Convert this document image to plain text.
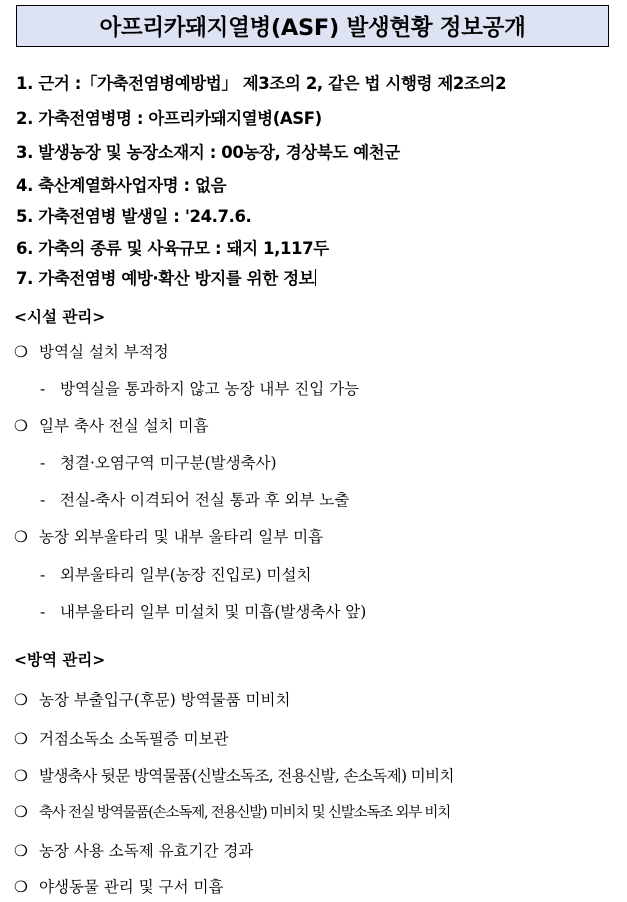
아프리카돼지열병(ASF) 발생현황 정보공개
1. 근거 :「가축전염병예방법」 제3조의 2, 같은 법 시행령 제2조의2
2. 가축전염병명 : 아프리카돼지열병(ASF)
3. 발생농장 및 농장소재지 : 00농장, 경상북도 예천군
4. 축산계열화사업자명 : 없음
5. 가축전염병 발생일 : '24.7.6.
6. 가축의 종류 및 사육규모 : 돼지 1,117두
7. 가축전염병 예방·확산 방지를 위한 정보
<시설 관리>
❍ 방역실 설치 부적정
- 방역실을 통과하지 않고 농장 내부 진입 가능
❍ 일부 축사 전실 설치 미흡
- 청결·오염구역 미구분(발생축사)
- 전실-축사 이격되어 전실 통과 후 외부 노출
❍ 농장 외부울타리 및 내부 울타리 일부 미흡
- 외부울타리 일부(농장 진입로) 미설치
- 내부울타리 일부 미설치 및 미흡(발생축사 앞)
<방역 관리>
❍ 농장 부출입구(후문) 방역물품 미비치
❍ 거점소독소 소독필증 미보관
❍ 발생축사 뒷문 방역물품(신발소독조, 전용신발, 손소독제) 미비치
❍ 축사 전실 방역물품(손소독제, 전용신발) 미비치 및 신발소독조 외부 비치
❍ 농장 사용 소독제 유효기간 경과
❍ 야생동물 관리 및 구서 미흡
